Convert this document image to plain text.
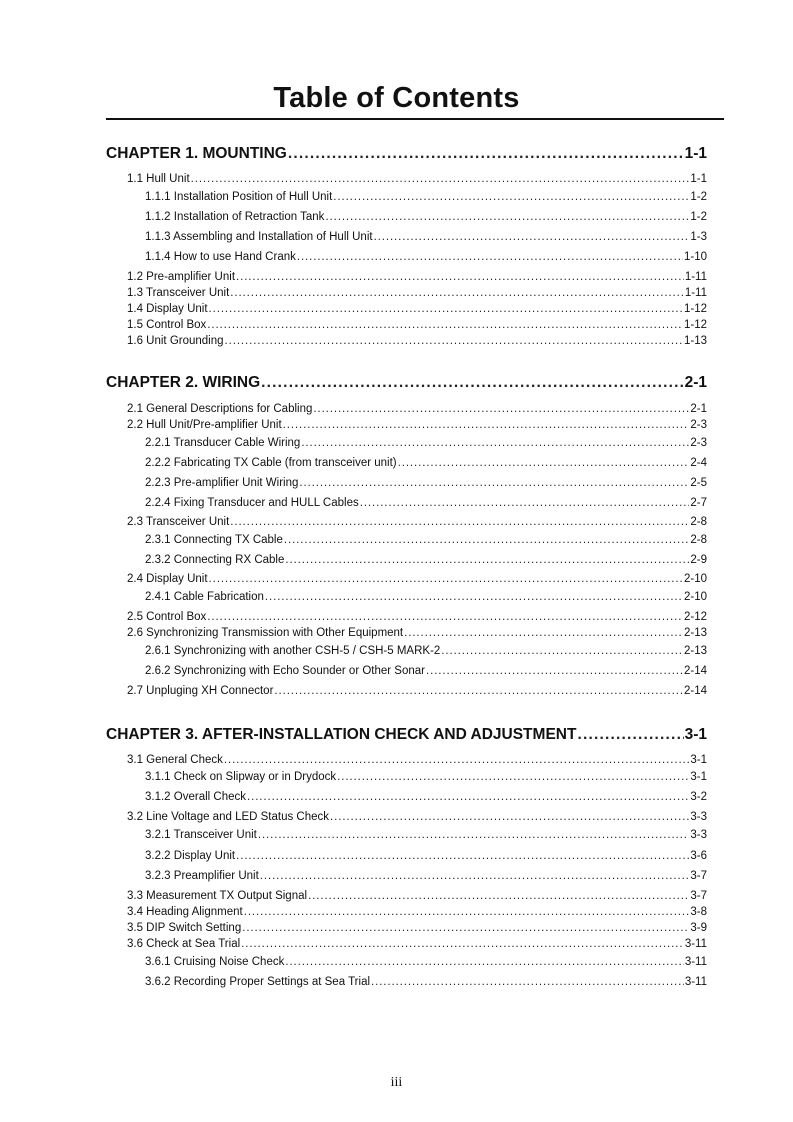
Table of Contents
CHAPTER 1. MOUNTING .....	1-1
1.1 Hull Unit .....	1-1
1.1.1 Installation Position of Hull Unit .....	1-2
1.1.2 Installation of Retraction Tank .....	1-2
1.1.3 Assembling and Installation of Hull Unit .....	1-3
1.1.4 How to use Hand Crank .....	1-10
1.2 Pre-amplifier Unit .....	1-11
1.3 Transceiver Unit .....	1-11
1.4 Display Unit .....	1-12
1.5 Control Box .....	1-12
1.6 Unit Grounding .....	1-13
CHAPTER 2. WIRING .....	2-1
2.1 General Descriptions for Cabling .....	2-1
2.2 Hull Unit/Pre-amplifier Unit .....	2-3
2.2.1 Transducer Cable Wiring .....	2-3
2.2.2 Fabricating TX Cable (from transceiver unit) .....	2-4
2.2.3 Pre-amplifier Unit Wiring .....	2-5
2.2.4 Fixing Transducer and HULL Cables .....	2-7
2.3 Transceiver Unit .....	2-8
2.3.1 Connecting TX Cable .....	2-8
2.3.2 Connecting RX Cable .....	2-9
2.4 Display Unit .....	2-10
2.4.1 Cable Fabrication .....	2-10
2.5 Control Box .....	2-12
2.6 Synchronizing Transmission with Other Equipment .....	2-13
2.6.1 Synchronizing with another CSH-5 / CSH-5 MARK-2 .....	2-13
2.6.2 Synchronizing with Echo Sounder or Other Sonar .....	2-14
2.7 Unpluging XH Connector .....	2-14
CHAPTER 3. AFTER-INSTALLATION CHECK AND ADJUSTMENT .....	3-1
3.1 General Check .....	3-1
3.1.1 Check on Slipway or in Drydock .....	3-1
3.1.2 Overall Check .....	3-2
3.2 Line Voltage and LED Status Check .....	3-3
3.2.1 Transceiver Unit .....	3-3
3.2.2 Display Unit .....	3-6
3.2.3 Preamplifier Unit .....	3-7
3.3 Measurement TX Output Signal .....	3-7
3.4 Heading Alignment .....	3-8
3.5 DIP Switch Setting .....	3-9
3.6 Check at Sea Trial .....	3-11
3.6.1 Cruising Noise Check .....	3-11
3.6.2 Recording Proper Settings at Sea Trial .....	3-11
iii
